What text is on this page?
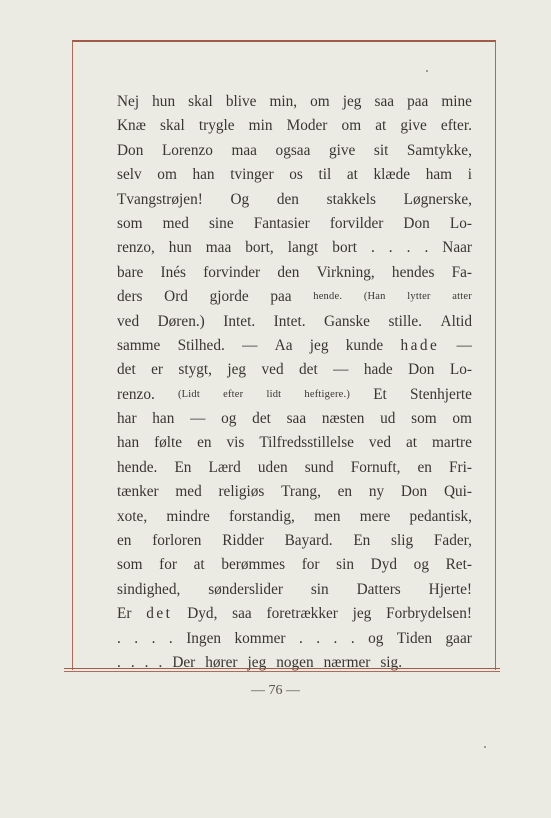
Nej hun skal blive min, om jeg saa paa mine
Knæ skal trygle min Moder om at give efter.
Don Lorenzo maa ogsaa give sit Samtykke,
selv om han tvinger os til at klæde ham i
Tvangstrøjen! Og den stakkels Løgnerske,
som med sine Fantasier forvilder Don Lo-
renzo, hun maa bort, langt bort . . . . Naar
bare Inés forvinder den Virkning, hendes Fa-
ders Ord gjorde paa hende. (Han lytter atter
ved Døren.) Intet. Intet. Ganske stille. Altid
samme Stilhed. — Aa jeg kunde hade —
det er stygt, jeg ved det — hade Don Lo-
renzo. (Lidt efter lidt heftigere.) Et Stenhjerte
har han — og det saa næsten ud som om
han følte en vis Tilfredsstillelse ved at martre
hende. En Lærd uden sund Fornuft, en Fri-
tænker med religiøs Trang, en ny Don Qui-
xote, mindre forstandig, men mere pedantisk,
en forloren Ridder Bayard. En slig Fader,
som for at berømmes for sin Dyd og Ret-
sindighed, sønderslider sin Datters Hjerte!
Er det Dyd, saa foretrækker jeg Forbrydelsen!
. . . . Ingen kommer . . . . og Tiden gaar
. . . . Der hører jeg nogen nærmer sig.
— 76 —
